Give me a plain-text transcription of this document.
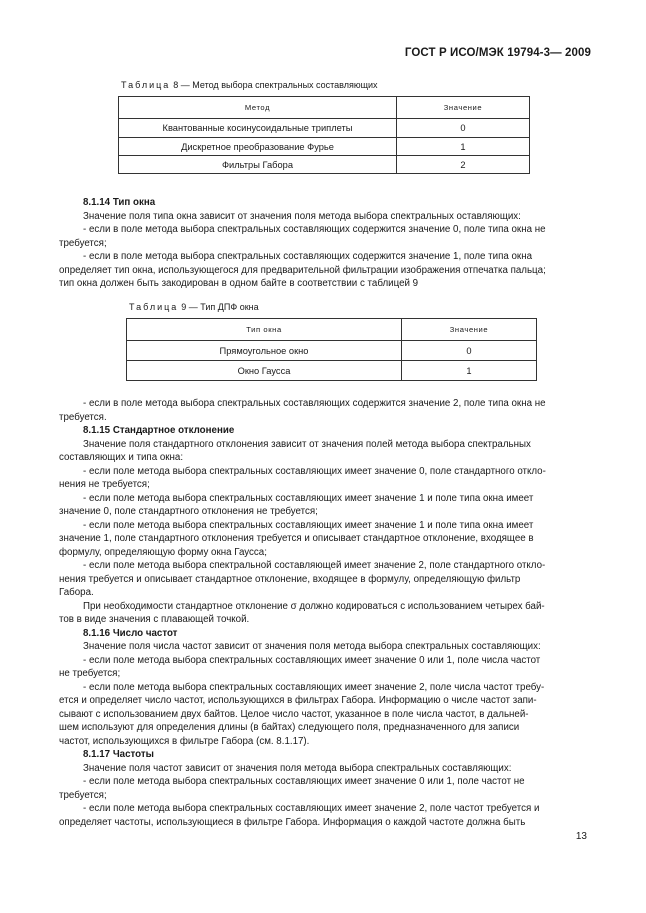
ГОСТ Р ИСО/МЭК 19794-3— 2009
Таблица 8 — Метод выбора спектральных составляющих
Метод	Значение
Квантованные косинусоидальные триплеты	0
Дискретное преобразование Фурье	1
Фильтры Габора	2
8.1.14 Тип окна
Значение поля типа окна зависит от значения поля метода выбора спектральных оставляющих:
- если в поле метода выбора спектральных составляющих содержится значение 0, поле типа окна не
требуется;
- если в поле метода выбора спектральных составляющих содержится значение 1, поле типа окна
определяет тип окна, использующегося для предварительной фильтрации изображения отпечатка пальца;
тип окна должен быть закодирован в одном байте в соответствии с таблицей 9
Таблица 9 — Тип ДПФ окна
Тип окна	Значение
Прямоугольное окно	0
Окно Гаусса	1
- если в поле метода выбора спектральных составляющих содержится значение 2, поле типа окна не
требуется.
8.1.15 Стандартное отклонение
Значение поля стандартного отклонения зависит от значения полей метода выбора спектральных
составляющих и типа окна:
- если поле метода выбора спектральных составляющих имеет значение 0, поле стандартного откло-
нения не требуется;
- если поле метода выбора спектральных составляющих имеет значение 1 и поле типа окна имеет
значение 0, поле стандартного отклонения не требуется;
- если поле метода выбора спектральных составляющих имеет значение 1 и поле типа окна имеет
значение 1, поле стандартного отклонения требуется и описывает стандартное отклонение, входящее в
формулу, определяющую форму окна Гаусса;
- если поле метода выбора спектральной составляющей имеет значение 2, поле стандартного откло-
нения требуется и описывает стандартное отклонение, входящее в формулу, определяющую фильтр
Габора.
При необходимости стандартное отклонение σ должно кодироваться с использованием четырех бай-
тов в виде значения с плавающей точкой.
8.1.16 Число частот
Значение поля числа частот зависит от значения поля метода выбора спектральных составляющих:
- если поле метода выбора спектральных составляющих имеет значение 0 или 1, поле числа частот
не требуется;
- если поле метода выбора спектральных составляющих имеет значение 2, поле числа частот требу-
ется и определяет число частот, использующихся в фильтрах Габора. Информацию о числе частот запи-
сывают с использованием двух байтов. Целое число частот, указанное в поле числа частот, в дальней-
шем используют для определения длины (в байтах) следующего поля, предназначенного для записи
частот, использующихся в фильтре Габора (см. 8.1.17).
8.1.17 Частоты
Значение поля частот зависит от значения поля метода выбора спектральных составляющих:
- если поле метода выбора спектральных составляющих имеет значение 0 или 1, поле частот не
требуется;
- если поле метода выбора спектральных составляющих имеет значение 2, поле частот требуется и
определяет частоты, использующиеся в фильтре Габора. Информация о каждой частоте должна быть
13
